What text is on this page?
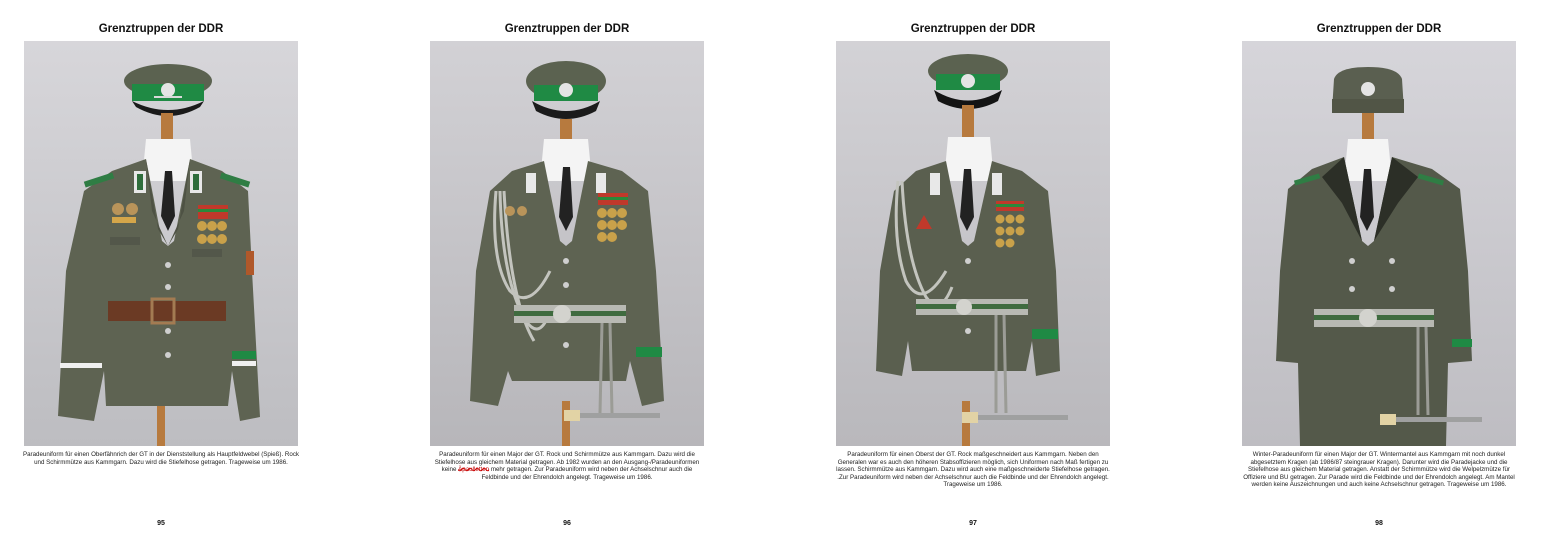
Grenztruppen der DDR
Paradeuniform für einen Oberfähnrich der GT in der Dienststellung als Hauptfeldwebel (Spieß). Rock und Schirmmütze aus Kammgarn. Dazu wird die Stiefelhose getragen. Trageweise um 1986.
95
Grenztruppen der DDR
Paradeuniform für einen Major der GT. Rock und Schirmmütze aus Kammgarn. Dazu wird die Stiefelhose aus gleichem Material getragen. Ab 1982 wurden an den Ausgang-/Paradeuniformen keine Äpaulletten mehr getragen. Zur Paradeuniform wird neben der Achselschnur auch die Feldbinde und der Ehrendolch angelegt. Trageweise um 1986.
96
Grenztruppen der DDR
Paradeuniform für einen Oberst der GT. Rock maßgeschneidert aus Kammgarn. Neben den Generalen war es auch den höheren Stabsoffizieren möglich, sich Uniformen nach Maß fertigen zu lassen. Schirmmütze aus Kammgarn. Dazu wird auch eine maßgeschneiderte Stiefelhose getragen. .Zur Paradeuniform wird neben der Achselschnur auch die Feldbinde und der Ehrendolch angelegt. Trageweise um 1986.
97
Grenztruppen der DDR
Winter-Paradeuniform für einen Major der GT. Wintermantel aus Kammgarn mit noch dunkel abgesetztem Kragen (ab 1986/87 steingrauer Kragen). Darunter wird die Paradejacke und die Stiefelhose aus gleichem Material getragen. Anstatt der Schirmmütze wird die Welpelzmütze für Offiziere und BU getragen. Zur Parade wird die Feldbinde und der Ehrendolch angelegt. Am Mantel werden keine Auszeichnungen und auch keine Achselschnur getragen. Trageweise um 1986.
98
